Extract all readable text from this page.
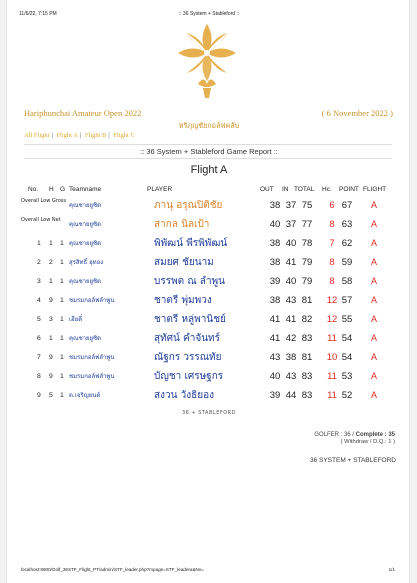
11/6/22, 7:15 PM	:: 36 System + Stableford ::
Hariphunchai Amateur Open 2022	( 6 November 2022 )
หริภุญชัยกอล์ฟคลับ
All Flight | Flight A | Flight B | Flight C
:: 36 System + Stableford Game Report ::
Flight A
No. H G Teamname	PLAYER	OUT IN TOTAL Hc. POINT FLIGHT
Overall Low Gross
คุณชายยูซิด	ภานุ อรุณปิติชัย	38 37 75	6 67 A
Overall Low Net
คุณชายยูซิด	สากล นิลเป้า	40 37 77	8 63 A
1 1 1 คุณชายยูซิด	พิพัฒน์ พีรพิพัฒน์	38 40 78	7 62 A
2 2 1 สุรสิทธิ์ อุทอง	สมยศ ชัยนาม	38 41 79	8 59 A
3 1 1 คุณชายยูซิด	บรรพต ณ ลำพูน	39 40 79	8 58 A
4 9 1 ชมรมกอล์ฟลำพูน	ชาตรี พุ่มพวง	38 43 81 12 57 A
5 3 1 เฮียตี๋	ชาตรี หลู่พานิชย์	41 41 82 12 55 A
6 1 1 คุณชายยูซิด	สุทัศน์ คำจันทร์	41 42 83 11 54 A
7 9 1 ชมรมกอล์ฟลำพูน	ณัฐกร วรรณทัย	43 38 81 10 54 A
8 9 1 ชมรมกอล์ฟลำพูน	บัญชา เศรษฐกร	40 43 83 11 53 A
9 5 1 ต.เจริญยนต์	สงวน วังธิยอง	39 44 83 11 52 A
36 + STABLEFORD
GOLFER : 36 / Complete : 35
( Withdraw / D.Q.: 1 )
36 SYSTEM + STABLEFORD
localhost:8800/Golf_36STF_Flight_PT/admin/STF_leader.php?mpage=STF_leadera&No=	1/1
